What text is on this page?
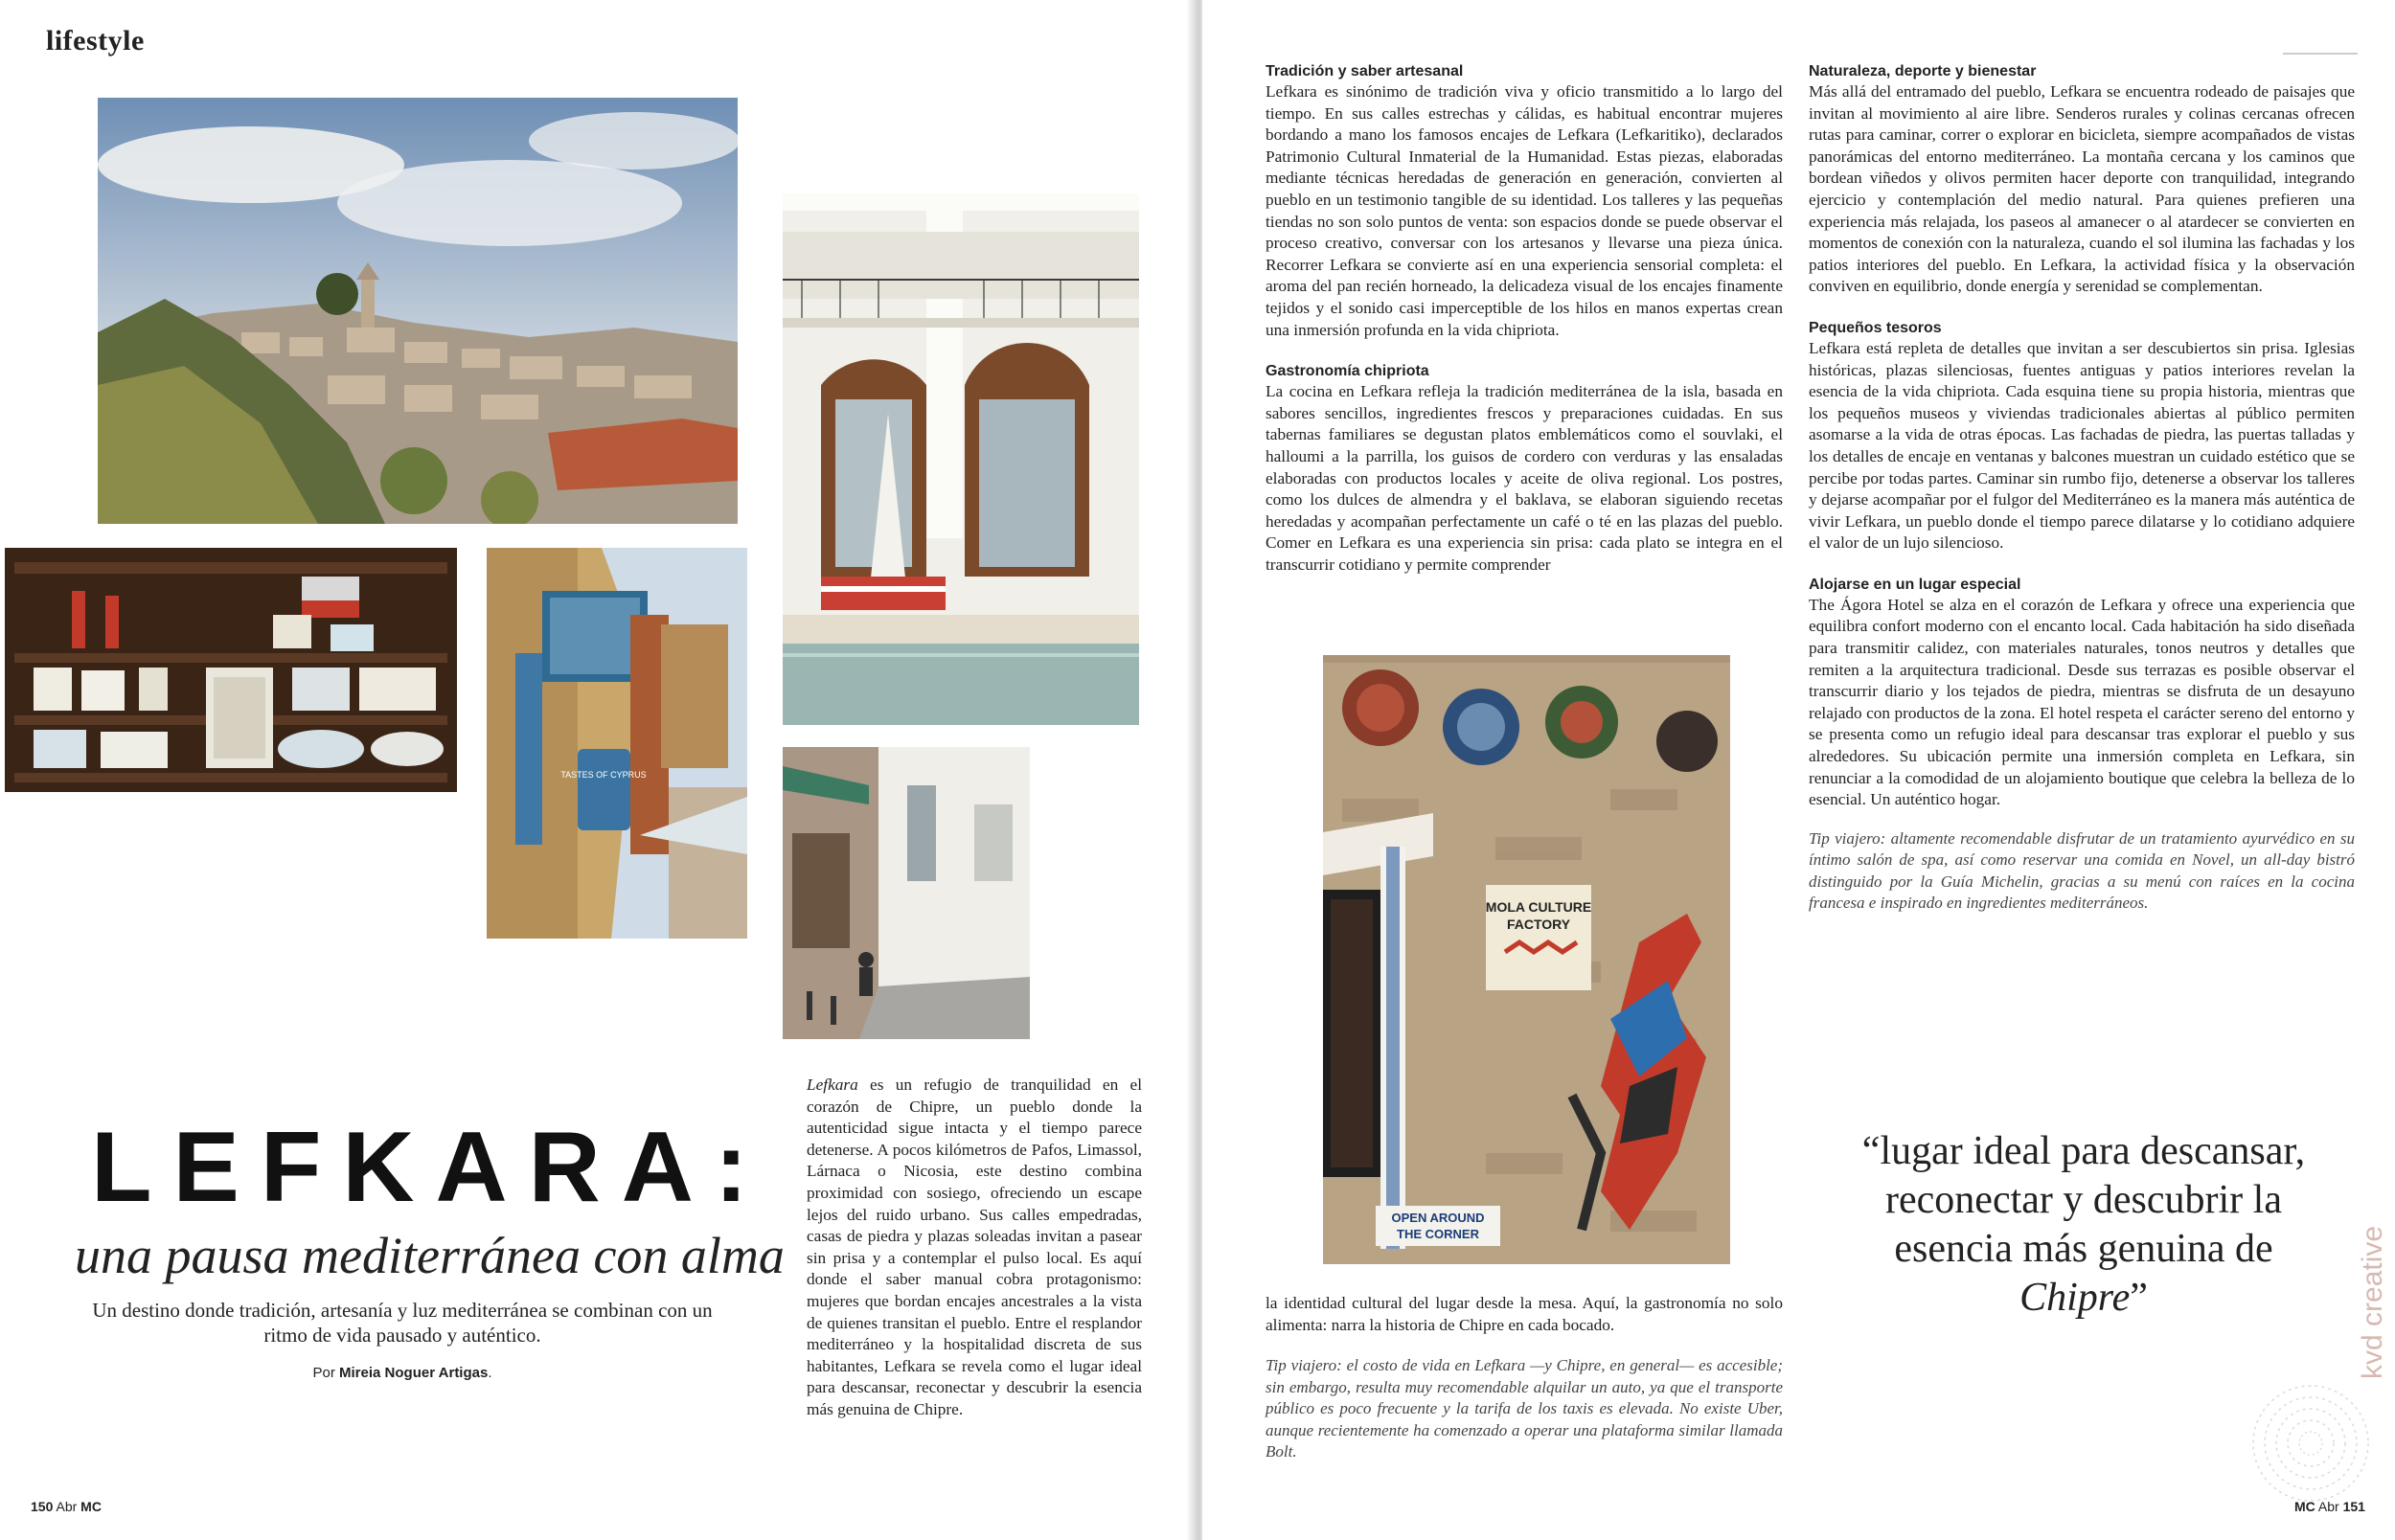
lifestyle
TASTES OF CYPRUS
LEFKARA:
una pausa mediterránea con alma
Un destino donde tradición, artesanía y luz mediterránea se combinan con un ritmo de vida pausado y auténtico.
Por Mireia Noguer Artigas.
Lefkara es un refugio de tranquilidad en el corazón de Chipre, un pueblo donde la autenticidad sigue intacta y el tiempo parece detenerse. A pocos kilómetros de Pafos, Limassol, Lárnaca o Nicosia, este destino combina proximidad con sosiego, ofreciendo un escape lejos del ruido urbano. Sus calles empedradas, casas de piedra y plazas soleadas invitan a pasear sin prisa y a contemplar el pulso local. Es aquí donde el saber manual cobra protagonismo: mujeres que bordan encajes ancestrales a la vista de quienes transitan el pueblo. Entre el resplandor mediterráneo y la hospitalidad discreta de sus habitantes, Lefkara se revela como el lugar ideal para descansar, reconectar y descubrir la esencia más genuina de Chipre.
150 Abr MC
Tradición y saber artesanal
Lefkara es sinónimo de tradición viva y oficio transmitido a lo largo del tiempo. En sus calles estrechas y cálidas, es habitual encontrar mujeres bordando a mano los famosos encajes de Lefkara (Lefkaritiko), declarados Patrimonio Cultural Inmaterial de la Humanidad. Estas piezas, elaboradas mediante técnicas heredadas de generación en generación, convierten al pueblo en un testimonio tangible de su identidad. Los talleres y las pequeñas tiendas no son solo puntos de venta: son espacios donde se puede observar el proceso creativo, conversar con los artesanos y llevarse una pieza única. Recorrer Lefkara se convierte así en una experiencia sensorial completa: el aroma del pan recién horneado, la delicadeza visual de los encajes finamente tejidos y el sonido casi imperceptible de los hilos en manos expertas crean una inmersión profunda en la vida chipriota.
Gastronomía chipriota
La cocina en Lefkara refleja la tradición mediterránea de la isla, basada en sabores sencillos, ingredientes frescos y preparaciones cuidadas. En sus tabernas familiares se degustan platos emblemáticos como el souvlaki, el halloumi a la parrilla, los guisos de cordero con verduras y las ensaladas elaboradas con productos locales y aceite de oliva regional. Los postres, como los dulces de almendra y el baklava, se elaboran siguiendo recetas heredadas y acompañan perfectamente un café o té en las plazas del pueblo. Comer en Lefkara es una experiencia sin prisa: cada plato se integra en el transcurrir cotidiano y permite comprender
MOLA CULTURE
FACTORY
OPEN AROUND
THE CORNER
la identidad cultural del lugar desde la mesa. Aquí, la gastronomía no solo alimenta: narra la historia de Chipre en cada bocado.
Tip viajero: el costo de vida en Lefkara —y Chipre, en general— es accesible; sin embargo, resulta muy recomendable alquilar un auto, ya que el transporte público es poco frecuente y la tarifa de los taxis es elevada. No existe Uber, aunque recientemente ha comenzado a operar una plataforma similar llamada Bolt.
Naturaleza, deporte y bienestar
Más allá del entramado del pueblo, Lefkara se encuentra rodeado de paisajes que invitan al movimiento al aire libre. Senderos rurales y colinas cercanas ofrecen rutas para caminar, correr o explorar en bicicleta, siempre acompañados de vistas panorámicas del entorno mediterráneo. La montaña cercana y los caminos que bordean viñedos y olivos permiten hacer deporte con tranquilidad, integrando ejercicio y contemplación del medio natural. Para quienes prefieren una experiencia más relajada, los paseos al amanecer o al atardecer se convierten en momentos de conexión con la naturaleza, cuando el sol ilumina las fachadas y los patios interiores del pueblo. En Lefkara, la actividad física y la observación conviven en equilibrio, donde energía y serenidad se complementan.
Pequeños tesoros
Lefkara está repleta de detalles que invitan a ser descubiertos sin prisa. Iglesias históricas, plazas silenciosas, fuentes antiguas y patios interiores revelan la esencia de la vida chipriota. Cada esquina tiene su propia historia, mientras que los pequeños museos y viviendas tradicionales abiertas al público permiten asomarse a la vida de otras épocas. Las fachadas de piedra, las puertas talladas y los detalles de encaje en ventanas y balcones muestran un cuidado estético que se percibe por todas partes. Caminar sin rumbo fijo, detenerse a observar los talleres y dejarse acompañar por el fulgor del Mediterráneo es la manera más auténtica de vivir Lefkara, un pueblo donde el tiempo parece dilatarse y lo cotidiano adquiere el valor de un lujo silencioso.
Alojarse en un lugar especial
The Ágora Hotel se alza en el corazón de Lefkara y ofrece una experiencia que equilibra confort moderno con el encanto local. Cada habitación ha sido diseñada para transmitir calidez, con materiales naturales, tonos neutros y detalles que remiten a la arquitectura tradicional. Desde sus terrazas es posible observar el transcurrir diario y los tejados de piedra, mientras se disfruta de un desayuno relajado con productos de la zona. El hotel respeta el carácter sereno del entorno y se presenta como un refugio ideal para descansar tras explorar el pueblo y sus alrededores. Su ubicación permite una inmersión completa en Lefkara, sin renunciar a la comodidad de un alojamiento boutique que celebra la belleza de lo esencial. Un auténtico hogar.
Tip viajero: altamente recomendable disfrutar de un tratamiento ayurvédico en su íntimo salón de spa, así como reservar una comida en Novel, un all-day bistró distinguido por la Guía Michelin, gracias a su menú con raíces en la cocina francesa e inspirado en ingredientes mediterráneos.
“lugar ideal para descansar, reconectar y descubrir la esencia más genuina de Chipre”	kvd creative
MC Abr 151
